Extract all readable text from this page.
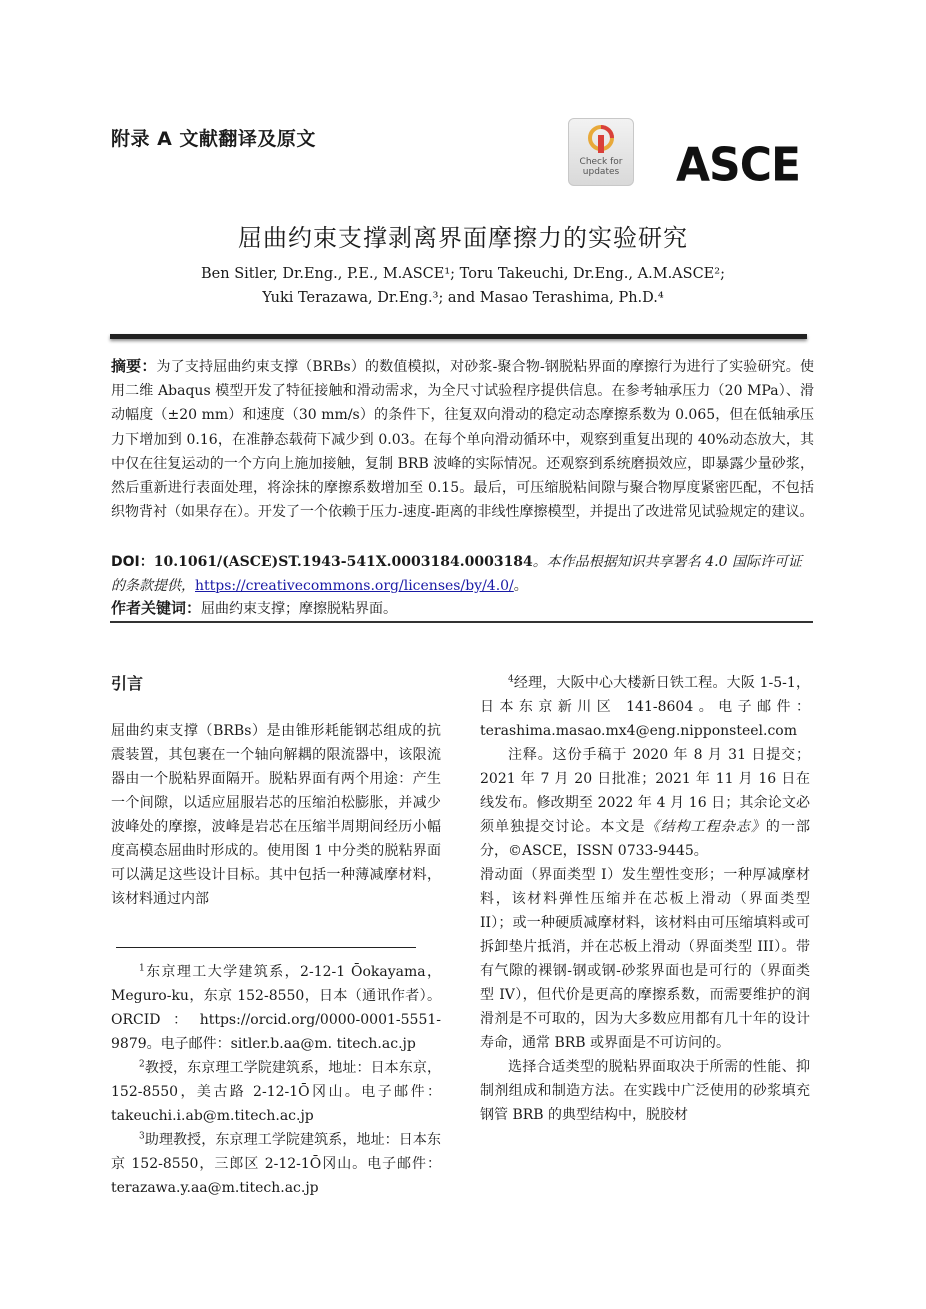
附录 A 文献翻译及原文
Check for updates	ASCE
屈曲约束支撑剥离界面摩擦力的实验研究
Ben Sitler, Dr.Eng., P.E., M.ASCE¹; Toru Takeuchi, Dr.Eng., A.M.ASCE²;
Yuki Terazawa, Dr.Eng.³; and Masao Terashima, Ph.D.⁴
摘要：为了支持屈曲约束支撑（BRBs）的数值模拟，对砂浆-聚合物-钢脱粘界面的摩擦行为进行了实验研究。使用二维 Abaqus 模型开发了特征接触和滑动需求，为全尺寸试验程序提供信息。在参考轴承压力（20 MPa）、滑动幅度（±20 mm）和速度（30 mm/s）的条件下，往复双向滑动的稳定动态摩擦系数为 0.065，但在低轴承压力下增加到 0.16，在准静态载荷下减少到 0.03。在每个单向滑动循环中，观察到重复出现的 40%动态放大，其中仅在往复运动的一个方向上施加接触，复制 BRB 波峰的实际情况。还观察到系统磨损效应，即暴露少量砂浆，然后重新进行表面处理，将涂抹的摩擦系数增加至 0.15。最后，可压缩脱粘间隙与聚合物厚度紧密匹配，不包括织物背衬（如果存在）。开发了一个依赖于压力-速度-距离的非线性摩擦模型，并提出了改进常见试验规定的建议。
DOI：10.1061/(ASCE)ST.1943-541X.0003184.0003184。本作品根据知识共享署名 4.0 国际许可证的条款提供，https://creativecommons.org/licenses/by/4.0/。
作者关键词：屈曲约束支撑；摩擦脱粘界面。
引言
屈曲约束支撑（BRBs）是由锥形耗能钢芯组成的抗震装置，其包裹在一个轴向解耦的限流器中，该限流器由一个脱粘界面隔开。脱粘界面有两个用途：产生一个间隙，以适应屈服岩芯的压缩泊松膨胀，并减少波峰处的摩擦，波峰是岩芯在压缩半周期间经历小幅度高模态屈曲时形成的。使用图 1 中分类的脱粘界面可以满足这些设计目标。其中包括一种薄减摩材料，该材料通过内部

$^1$东京理工大学建筑系，2-12-1 Ōokayama，Meguro-ku，东京 152-8550，日本（通讯作者）。ORCID：https://orcid.org/0000-0001-5551-9879。电子邮件：sitler.b.aa@m. titech.ac.jp

$^2$教授，东京理工学院建筑系，地址：日本东京，152-8550，美古路 2-12-1Ō冈山。电子邮件：takeuchi.i.ab@m.titech.ac.jp

$^3$助理教授，东京理工学院建筑系，地址：日本东京 152-8550，三郎区 2-12-1Ō冈山。电子邮件：terazawa.y.aa@m.titech.ac.jp

$^4$经理，大阪中心大楼新日铁工程。大阪 1-5-1，日本东京新川区 141-8604。电子邮件：terashima.masao.mx4@eng.nipponsteel.com

注释。这份手稿于 2020 年 8 月 31 日提交；2021 年 7 月 20 日批准；2021 年 11 月 16 日在线发布。修改期至 2022 年 4 月 16 日；其余论文必须单独提交讨论。本文是《结构工程杂志》的一部分，©ASCE，ISSN 0733-9445。

滑动面（界面类型 I）发生塑性变形；一种厚减摩材料，该材料弹性压缩并在芯板上滑动（界面类型 II）；或一种硬质减摩材料，该材料由可压缩填料或可拆卸垫片抵消，并在芯板上滑动（界面类型 III）。带有气隙的裸钢-钢或钢-砂浆界面也是可行的（界面类型 IV），但代价是更高的摩擦系数，而需要维护的润滑剂是不可取的，因为大多数应用都有几十年的设计寿命，通常 BRB 或界面是不可访问的。

选择合适类型的脱粘界面取决于所需的性能、抑制剂组成和制造方法。在实践中广泛使用的砂浆填充钢管 BRB 的典型结构中，脱胶材
